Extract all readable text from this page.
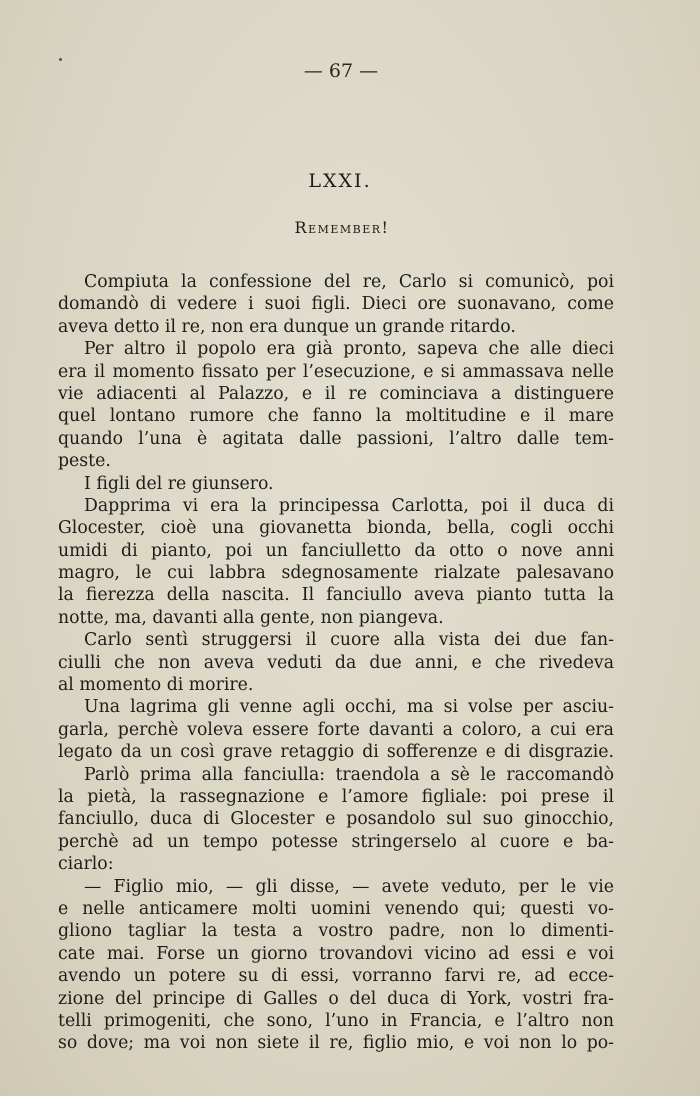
— 67 —
LXXI.
Remember!
Compiuta la confessione del re, Carlo si comunicò, poi
domandò di vedere i suoi figli. Dieci ore suonavano, come
aveva detto il re, non era dunque un grande ritardo.
Per altro il popolo era già pronto, sapeva che alle dieci
era il momento fissato per l’esecuzione, e si ammassava nelle
vie adiacenti al Palazzo, e il re cominciava a distinguere
quel lontano rumore che fanno la moltitudine e il mare
quando l’una è agitata dalle passioni, l’altro dalle tem-
peste.
I figli del re giunsero.
Dapprima vi era la principessa Carlotta, poi il duca di
Glocester, cioè una giovanetta bionda, bella, cogli occhi
umidi di pianto, poi un fanciulletto da otto o nove anni
magro, le cui labbra sdegnosamente rialzate palesavano
la fierezza della nascita. Il fanciullo aveva pianto tutta la
notte, ma, davanti alla gente, non piangeva.
Carlo sentì struggersi il cuore alla vista dei due fan-
ciulli che non aveva veduti da due anni, e che rivedeva
al momento di morire.
Una lagrima gli venne agli occhi, ma si volse per asciu-
garla, perchè voleva essere forte davanti a coloro, a cui era
legato da un così grave retaggio di sofferenze e di disgrazie.
Parlò prima alla fanciulla: traendola a sè le raccomandò
la pietà, la rassegnazione e l’amore figliale: poi prese il
fanciullo, duca di Glocester e posandolo sul suo ginocchio,
perchè ad un tempo potesse stringerselo al cuore e ba-
ciarlo:
— Figlio mio, — gli disse, — avete veduto, per le vie
e nelle anticamere molti uomini venendo qui; questi vo-
gliono tagliar la testa a vostro padre, non lo dimenti-
cate mai. Forse un giorno trovandovi vicino ad essi e voi
avendo un potere su di essi, vorranno farvi re, ad ecce-
zione del principe di Galles o del duca di York, vostri fra-
telli primogeniti, che sono, l’uno in Francia, e l’altro non
so dove; ma voi non siete il re, figlio mio, e voi non lo po-
